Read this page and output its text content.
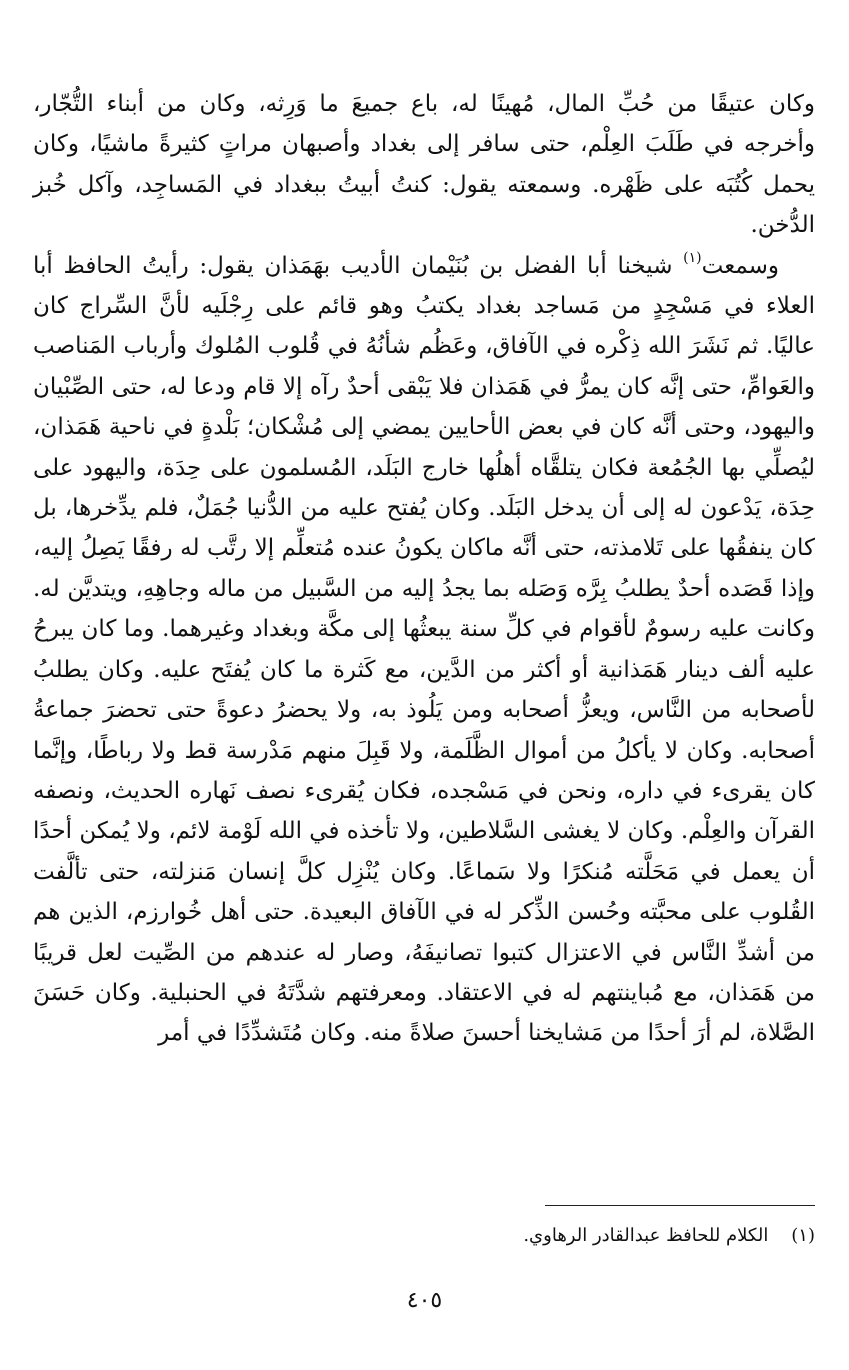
وكان عتيقًا من حُبِّ المال، مُهينًا له، باع جميعَ ما وَرِثه، وكان من أبناء التُّجّار، وأخرجه في طَلَبَ العِلْم، حتى سافر إلى بغداد وأصبهان مراتٍ كثيرةً ماشيًا، وكان يحمل كُتُبَه على ظَهْره. وسمعته يقول: كنتُ أبيتُ ببغداد في المَساجِد، وآكل خُبز الدُّخن.

وسمعت$^{(١)}$ شيخنا أبا الفضل بن بُنَيْمان الأديب بهَمَذان يقول: رأيتُ الحافظ أبا العلاء في مَسْجِدٍ من مَساجد بغداد يكتبُ وهو قائم على رِجْلَيه لأنَّ السِّراج كان عاليًا. ثم نَشَرَ الله ذِكْره في الآفاق، وعَظُم شأنُهُ في قُلوب المُلوك وأرباب المَناصب والعَوامِّ، حتى إنَّه كان يمرُّ في هَمَذان فلا يَبْقى أحدٌ رآه إلا قام ودعا له، حتى الصِّبْيان واليهود، وحتى أنَّه كان في بعض الأحايين يمضي إلى مُشْكان؛ بَلْدةٍ في ناحية هَمَذان، ليُصلِّي بها الجُمُعة فكان يتلقَّاه أهلُها خارج البَلَد، المُسلمون على حِدَة، واليهود على حِدَة، يَدْعون له إلى أن يدخل البَلَد. وكان يُفتح عليه من الدُّنيا جُمَلٌ، فلم يدِّخرها، بل كان ينفقُها على تَلامذته، حتى أنَّه ماكان يكونُ عنده مُتعلِّم إلا رتَّب له رفقًا يَصِلُ إليه، وإذا قَصَده أحدٌ يطلبُ بِرَّه وَصَله بما يجدُ إليه من السَّبيل من ماله وجاهِهِ، ويتديَّن له. وكانت عليه رسومٌ لأقوام في كلِّ سنة يبعثُها إلى مكَّة وبغداد وغيرهما. وما كان يبرحُ عليه ألف دينار هَمَذانية أو أكثر من الدَّين، مع كَثرة ما كان يُفتَح عليه. وكان يطلبُ لأصحابه من النَّاس، ويعزُّ أصحابه ومن يَلُوذ به، ولا يحضرُ دعوةً حتى تحضرَ جماعةُ أصحابه. وكان لا يأكلُ من أموال الظَّلَمة، ولا قَبِلَ منهم مَدْرسة قط ولا رباطًا، وإنَّما كان يقرىء في داره، ونحن في مَسْجده، فكان يُقرىء نصف نَهاره الحديث، ونصفه القرآن والعِلْم. وكان لا يغشى السَّلاطين، ولا تأخذه في الله لَوْمة لائم، ولا يُمكن أحدًا أن يعمل في مَحَلَّته مُنكرًا ولا سَماعًا. وكان يُنْزِل كلَّ إنسان مَنزلته، حتى تألَّفت القُلوب على محبَّته وحُسن الذِّكر له في الآفاق البعيدة. حتى أهل خُوارزم، الذين هم من أشدِّ النَّاس في الاعتزال كتبوا تصانيفَهُ، وصار له عندهم من الصِّيت لعل قريبًا من هَمَذان، مع مُباينتهم له في الاعتقاد. ومعرفتهم شدَّتَهُ في الحنبلية. وكان حَسَنَ الصَّلاة، لم أرَ أحدًا من مَشايخنا أحسنَ صلاةً منه. وكان مُتَشدِّدًا في أمر

(١)    الكلام للحافظ عبدالقادر الرهاوي.
٤٠٥
